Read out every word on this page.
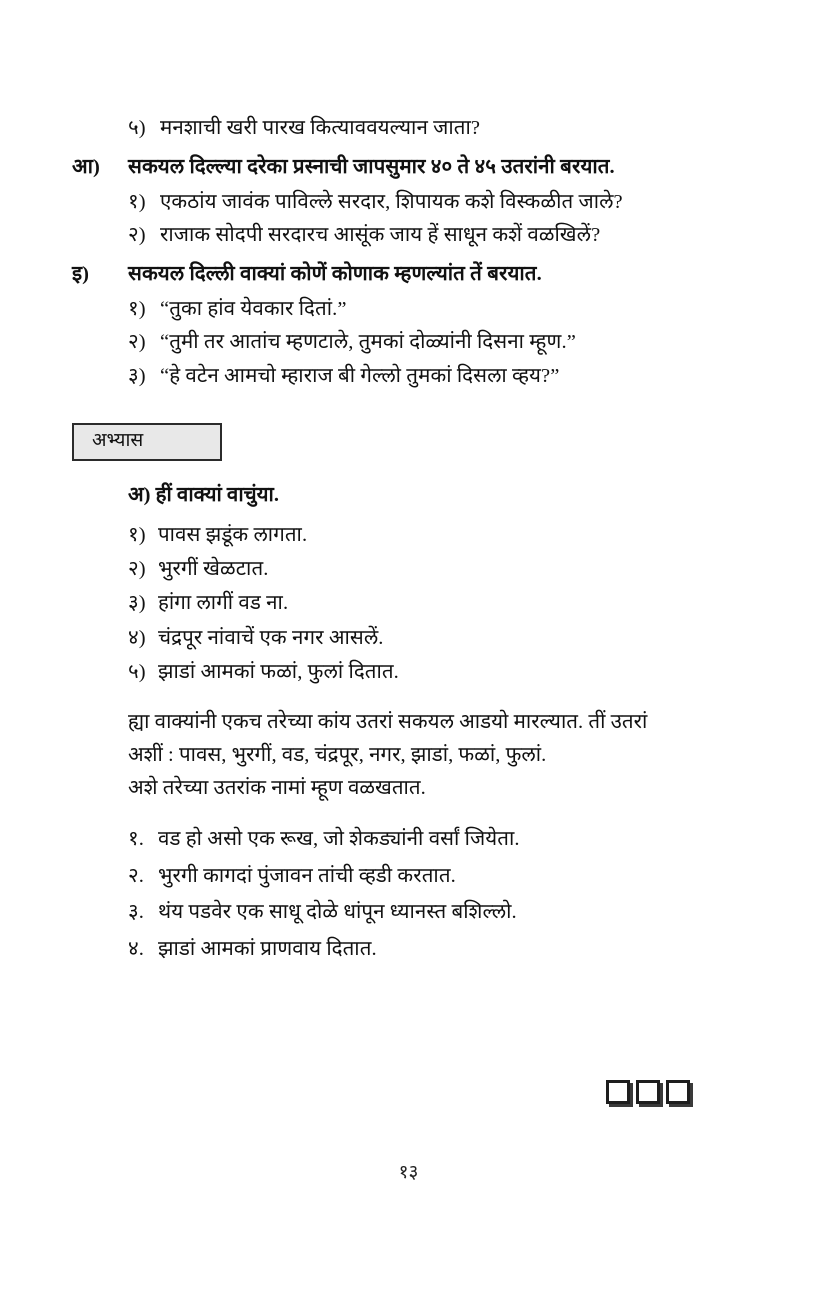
५) मनशाची खरी पारख कित्याववयल्यान जाता?
आ)	सकयल दिल्ल्या दरेका प्रस्नाची जापसुमार ४० ते ४५ उतरांनी बरयात.
१) एकठांय जावंक पाविल्ले सरदार, शिपायक कशे विस्कळीत जाले?
२) राजाक सोदपी सरदारच आसूंक जाय हें साधून कशें वळखिलें?
इ)	सकयल दिल्ली वाक्यां कोणें कोणाक म्हणल्यांत तें बरयात.
१) “तुका हांव येवकार दितां.”
२) “तुमी तर आतांच म्हणटाले, तुमकां दोळ्यांनी दिसना म्हूण.”
३) “हे वटेन आमचो म्हाराज बी गेल्लो तुमकां दिसला व्हय?”
अभ्यास
अ) हीं वाक्यां वाचुंया.
१) पावस झडूंक लागता.
२) भुरगीं खेळटात.
३) हांगा लागीं वड ना.
४) चंद्रपूर नांवाचें एक नगर आसलें.
५) झाडां आमकां फळां, फुलां दितात.

ह्या वाक्यांनी एकच तरेच्या कांय उतरां सकयल आडयो मारल्यात. तीं उतरां

अशीं : पावस, भुरगीं, वड, चंद्रपूर, नगर, झाडां, फळां, फुलां.

अशे तरेच्या उतरांक नामां म्हूण वळखतात.

१. वड हो असो एक रूख, जो शेकड्यांनी वर्सां जियेता.
२. भुरगी कागदां पुंजावन तांची व्हडी करतात.
३. थंय पडवेर एक साधू दोळे धांपून ध्यानस्त बशिल्लो.
४. झाडां आमकां प्राणवाय दितात.
१३
